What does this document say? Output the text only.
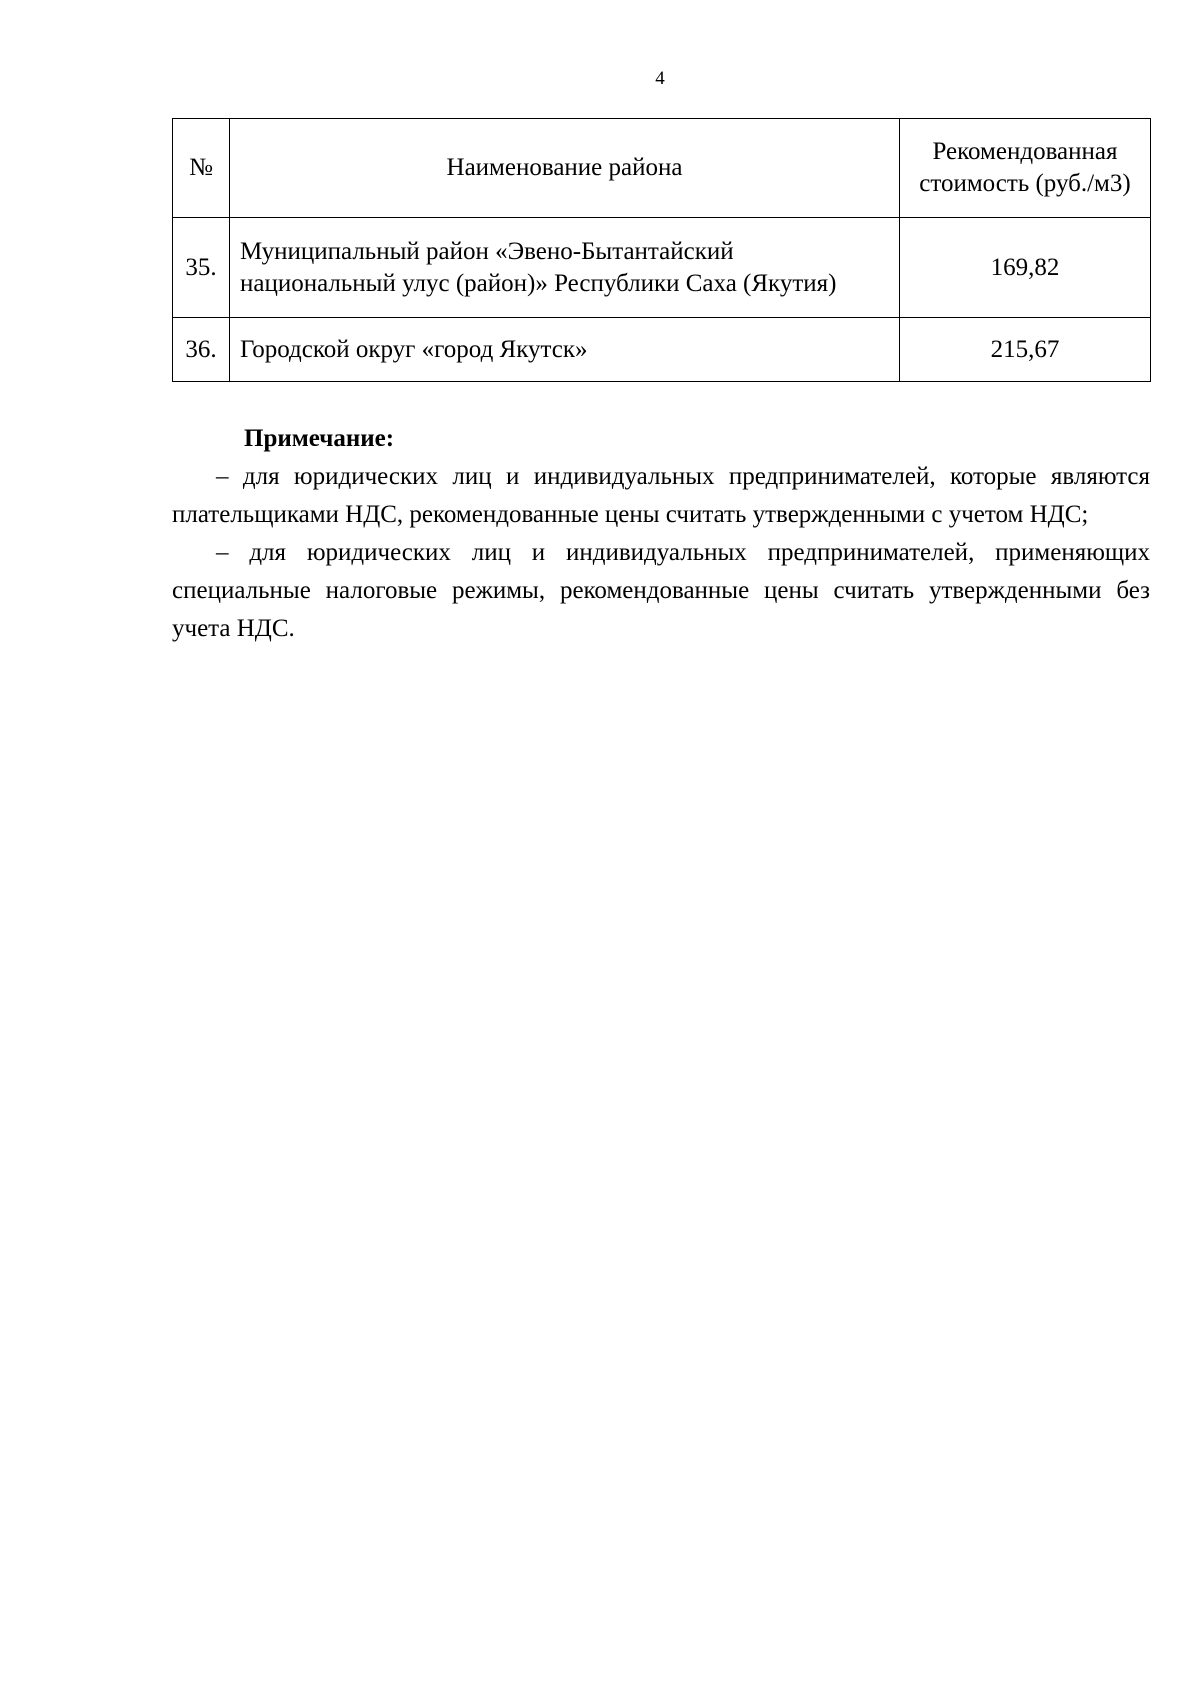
4
№	Наименование района	Рекомендованная стоимость (руб./м3)
35.	Муниципальный район «Эвено-Бытантайский национальный улус (район)» Республики Саха (Якутия)	169,82
36.	Городской округ «город Якутск»	215,67

Примечание:

– для юридических лиц и индивидуальных предпринимателей, которые являются плательщиками НДС, рекомендованные цены считать утвержденными с учетом НДС;

– для юридических лиц и индивидуальных предпринимателей, применяющих специальные налоговые режимы, рекомендованные цены считать утвержденными без учета НДС.
